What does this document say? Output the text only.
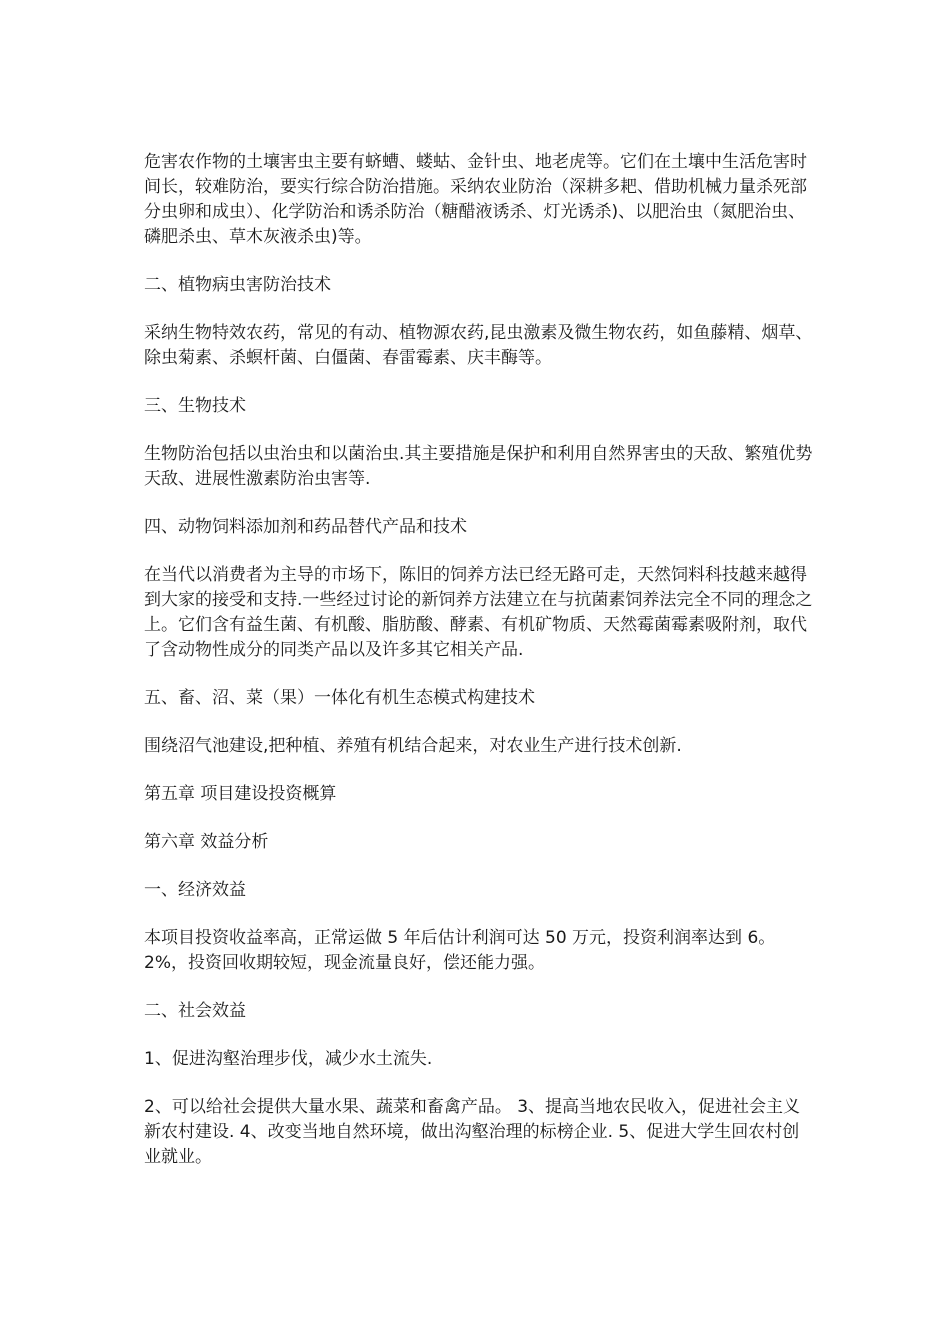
危害农作物的土壤害虫主要有蛴螬、蝼蛄、金针虫、地老虎等。它们在土壤中生活危害时间长，较难防治，要实行综合防治措施。采纳农业防治（深耕多耙、借助机械力量杀死部分虫卵和成虫）、化学防治和诱杀防治（糖醋液诱杀、灯光诱杀)、以肥治虫（氮肥治虫、磷肥杀虫、草木灰液杀虫)等。

二、植物病虫害防治技术

采纳生物特效农药，常见的有动、植物源农药,昆虫激素及微生物农药，如鱼藤精、烟草、除虫菊素、杀螟杆菌、白僵菌、春雷霉素、庆丰酶等。

三、生物技术

生物防治包括以虫治虫和以菌治虫.其主要措施是保护和利用自然界害虫的天敌、繁殖优势天敌、进展性激素防治虫害等.

四、动物饲料添加剂和药品替代产品和技术

在当代以消费者为主导的市场下，陈旧的饲养方法已经无路可走，天然饲料科技越来越得到大家的接受和支持.一些经过讨论的新饲养方法建立在与抗菌素饲养法完全不同的理念之上。它们含有益生菌、有机酸、脂肪酸、酵素、有机矿物质、天然霉菌霉素吸附剂，取代了含动物性成分的同类产品以及许多其它相关产品.

五、畜、沼、菜（果）一体化有机生态模式构建技术

围绕沼气池建设,把种植、养殖有机结合起来，对农业生产进行技术创新.

第五章 项目建设投资概算

第六章 效益分析

一、经济效益

本项目投资收益率高，正常运做 5 年后估计利润可达 50 万元，投资利润率达到 6。2%，投资回收期较短，现金流量良好，偿还能力强。

二、社会效益

1、促进沟壑治理步伐，减少水土流失.

2、可以给社会提供大量水果、蔬菜和畜禽产品。 3、提高当地农民收入，促进社会主义新农村建设. 4、改变当地自然环境，做出沟壑治理的标榜企业. 5、促进大学生回农村创业就业。
